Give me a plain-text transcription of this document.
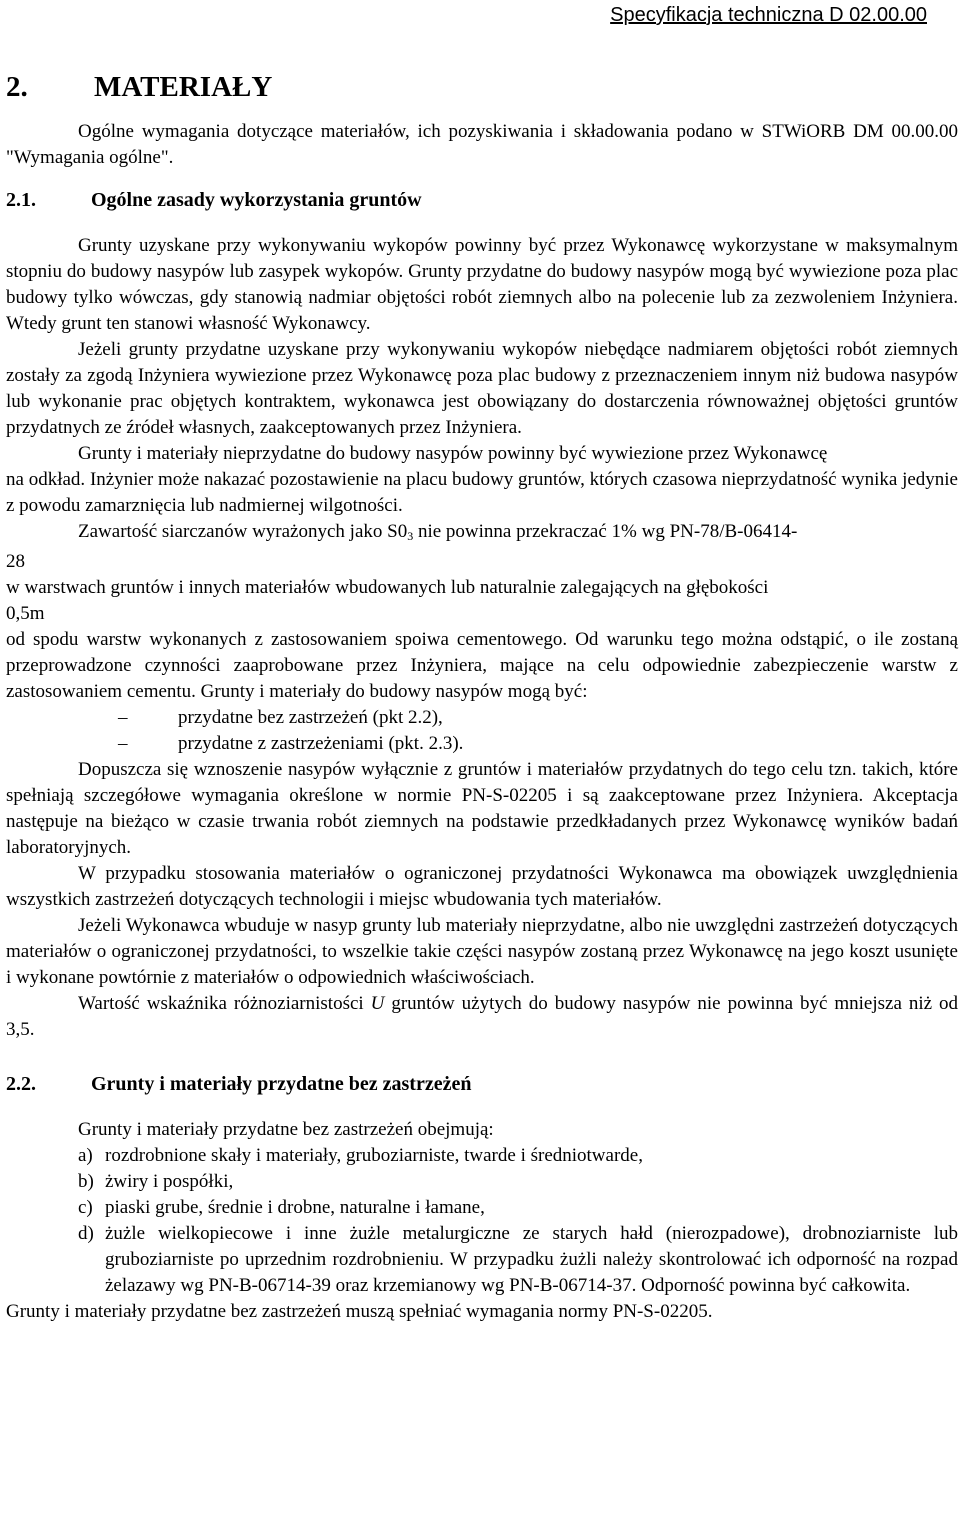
Specyfikacja techniczna D 02.00.00
2. MATERIAŁY

Ogólne wymagania dotyczące materiałów, ich pozyskiwania i składowania podano w STWiORB DM 00.00.00 "Wymagania ogólne".

2.1.	Ogólne zasady wykorzystania gruntów

Grunty uzyskane przy wykonywaniu wykopów powinny być przez Wykonawcę wykorzystane w maksymalnym stopniu do budowy nasypów lub zasypek wykopów. Grunty przydatne do budowy nasypów mogą być wywiezione poza plac budowy tylko wówczas, gdy stanowią nadmiar objętości robót ziemnych albo na polecenie lub za zezwoleniem Inżyniera. Wtedy grunt ten stanowi własność Wykonawcy.

Jeżeli grunty przydatne uzyskane przy wykonywaniu wykopów niebędące nadmiarem objętości robót ziemnych zostały za zgodą Inżyniera wywiezione przez Wykonawcę poza plac budowy z przeznaczeniem innym niż budowa nasypów lub wykonanie prac objętych kontraktem, wykonawca jest obowiązany do dostarczenia równoważnej objętości gruntów przydatnych ze źródeł własnych, zaakceptowanych przez Inżyniera.

Grunty i materiały nieprzydatne do budowy nasypów powinny być wywiezione przez Wykonawcę

na odkład. Inżynier może nakazać pozostawienie na placu budowy gruntów, których czasowa nieprzydatność wynika jedynie z powodu zamarznięcia lub nadmiernej wilgotności.

Zawartość siarczanów wyrażonych jako $S0_3$ nie powinna przekraczać 1% wg PN-78/B-06414-

28

w warstwach gruntów i innych materiałów wbudowanych lub naturalnie zalegających na głębokości

0,5m

od spodu warstw wykonanych z zastosowaniem spoiwa cementowego. Od warunku tego można odstąpić, o ile zostaną przeprowadzone czynności zaaprobowane przez Inżyniera, mające na celu odpowiednie zabezpieczenie warstw z zastosowaniem cementu. Grunty i materiały do budowy nasypów mogą być:

–	przydatne bez zastrzeżeń (pkt 2.2),
–	przydatne z zastrzeżeniami (pkt. 2.3).

Dopuszcza się wznoszenie nasypów wyłącznie z gruntów i materiałów przydatnych do tego celu tzn. takich, które spełniają szczegółowe wymagania określone w normie PN-S-02205 i są zaakceptowane przez Inżyniera. Akceptacja następuje na bieżąco w czasie trwania robót ziemnych na podstawie przedkładanych przez Wykonawcę wyników badań laboratoryjnych.

W przypadku stosowania materiałów o ograniczonej przydatności Wykonawca ma obowiązek uwzględnienia wszystkich zastrzeżeń dotyczących technologii i miejsc wbudowania tych materiałów.

Jeżeli Wykonawca wbuduje w nasyp grunty lub materiały nieprzydatne, albo nie uwzględni zastrzeżeń dotyczących materiałów o ograniczonej przydatności, to wszelkie takie części nasypów zostaną przez Wykonawcę na jego koszt usunięte i wykonane powtórnie z materiałów o odpowiednich właściwościach.

Wartość wskaźnika różnoziarnistości U gruntów użytych do budowy nasypów nie powinna być mniejsza niż od 3,5.

2.2.	Grunty i materiały przydatne bez zastrzeżeń

Grunty i materiały przydatne bez zastrzeżeń obejmują:

a) rozdrobnione skały i materiały, gruboziarniste, twarde i średniotwarde,
b) żwiry i pospółki,
c) piaski grube, średnie i drobne, naturalne i łamane,
d) żużle wielkopiecowe i inne żużle metalurgiczne ze starych hałd (nierozpadowe), drobnoziarniste lub gruboziarniste po uprzednim rozdrobnieniu. W przypadku żużli należy skontrolować ich odporność na rozpad żelazawy wg PN-B-06714-39 oraz krzemianowy wg PN-B-06714-37. Odporność powinna być całkowita.

Grunty i materiały przydatne bez zastrzeżeń muszą spełniać wymagania normy PN-S-02205.
